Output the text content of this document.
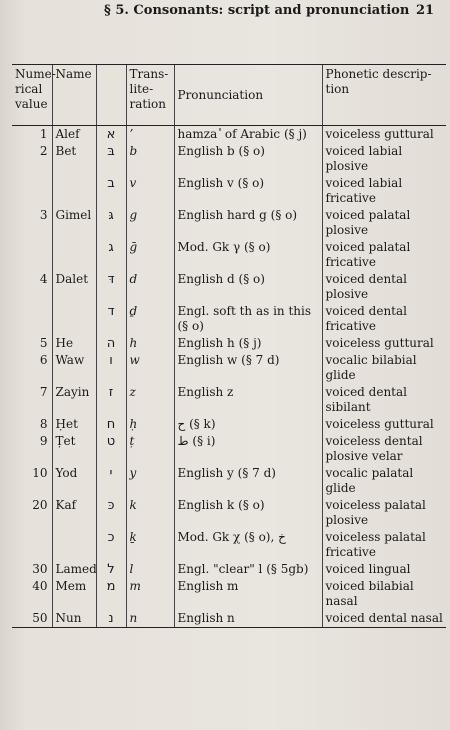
§ 5. Consonants: script and pronunciation 21
Nume-rical value	Name		Trans-lite-ration	Pronunciation	Phonetic descrip-tion
1	Alef	א	’	hamza ٔ of Arabic (§ j)	voiceless guttural
2	Bet	בּ	b	English b (§ o)	voiced labial plosive
		ב	v	English v (§ o)	voiced labial fricative
3	Gimel	גּ	g	English hard g (§ o)	voiced palatal plosive
		ג	ḡ	Mod. Gk γ (§ o)	voiced palatal fricative
4	Dalet	דּ	d	English d (§ o)	voiced dental plosive
		ד	ḏ	Engl. soft th as in this (§ o)	voiced dental fricative
5	He	ה	h	English h (§ j)	voiceless guttural
6	Waw	ו	w	English w (§ 7 d)	vocalic bilabial glide
7	Zayin	ז	z	English z	voiced dental sibilant
8	Ḥet	ח	ḥ	ح (§ k)	voiceless guttural
9	Ṭet	ט	ṭ	ط (§ i)	voiceless dental plosive velar
10	Yod	י	y	English y (§ 7 d)	vocalic palatal glide
20	Kaf	כּ	k	English k (§ o)	voiceless palatal plosive
		כ	ḵ	Mod. Gk χ (§ o), خ	voiceless palatal fricative
30	Lamed	ל	l	Engl. "clear" l (§ 5gb)	voiced lingual
40	Mem	מ	m	English m	voiced bilabial nasal
50	Nun	נ	n	English n	voiced dental nasal
